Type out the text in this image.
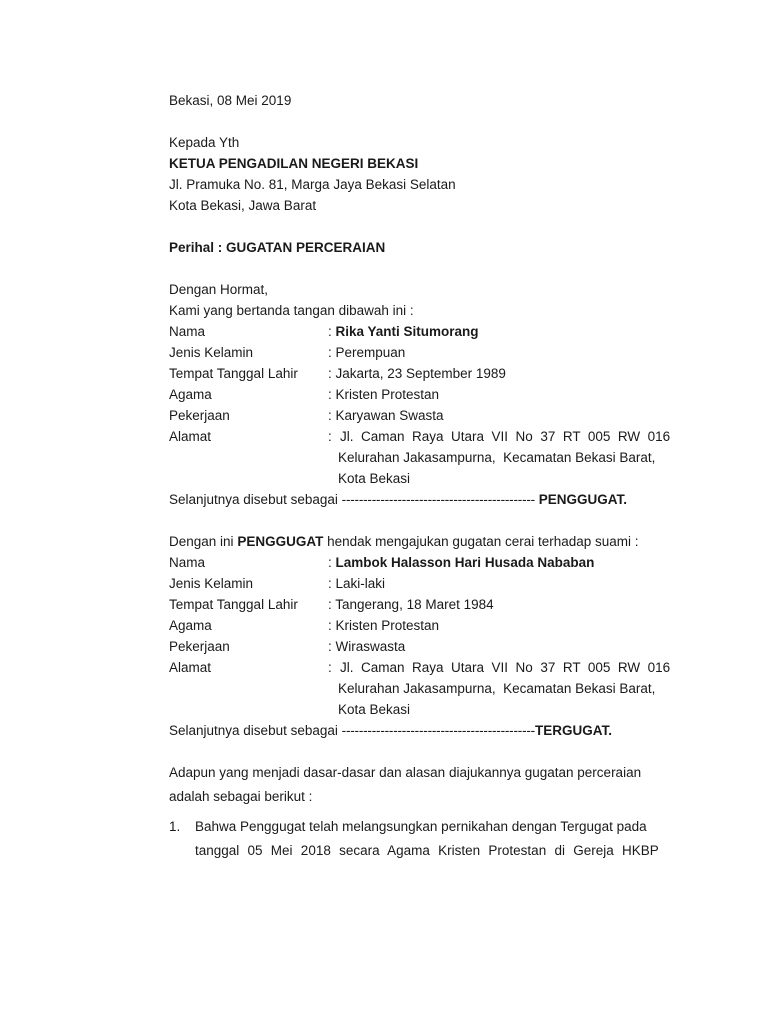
Bekasi, 08 Mei 2019
Kepada Yth
KETUA PENGADILAN NEGERI BEKASI
Jl. Pramuka No. 81, Marga Jaya Bekasi Selatan
Kota Bekasi, Jawa Barat
Perihal : GUGATAN PERCERAIAN
Dengan Hormat,
Kami yang bertanda tangan dibawah ini :
Nama	: Rika Yanti Situmorang
Jenis Kelamin	: Perempuan
Tempat Tanggal Lahir : Jakarta, 23 September 1989
Agama	: Kristen Protestan
Pekerjaan	: Karyawan Swasta
Alamat	: Jl.  Caman  Raya  Utara  VII  No  37  RT  005  RW  016
Kelurahan Jakasampurna,  Kecamatan Bekasi Barat,
Kota Bekasi
Selanjutnya disebut sebagai --------------------------------------------- PENGGUGAT.
Dengan ini PENGGUGAT hendak mengajukan gugatan cerai terhadap suami :
Nama	: Lambok Halasson Hari Husada Nababan
Jenis Kelamin	: Laki-laki
Tempat Tanggal Lahir : Tangerang, 18 Maret 1984
Agama	: Kristen Protestan
Pekerjaan	: Wiraswasta
Alamat	: Jl.  Caman  Raya  Utara  VII  No  37  RT  005  RW  016
Kelurahan Jakasampurna,  Kecamatan Bekasi Barat,
Kota Bekasi
Selanjutnya disebut sebagai ---------------------------------------------TERGUGAT.
Adapun yang menjadi dasar-dasar dan alasan diajukannya gugatan perceraian
adalah sebagai berikut :
1. Bahwa Penggugat telah melangsungkan pernikahan dengan Tergugat pada
tanggal 05 Mei 2018 secara Agama Kristen Protestan di Gereja HKBP
